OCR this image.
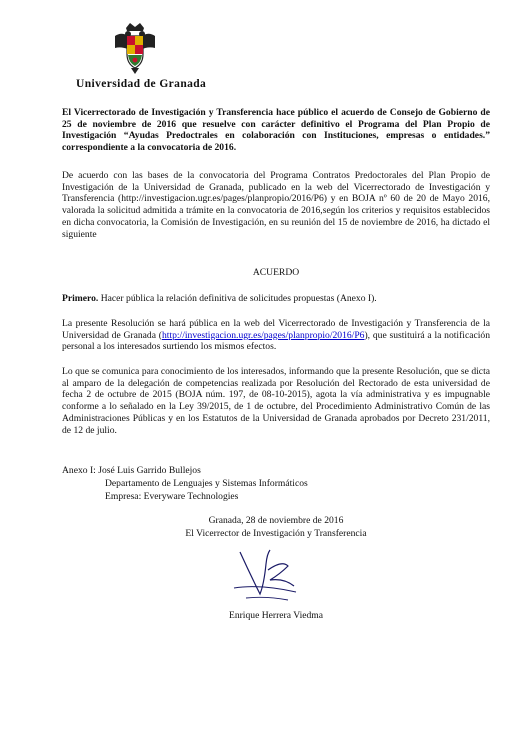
Universidad de Granada

El Vicerrectorado de Investigación y Transferencia hace público el acuerdo de Consejo de Gobierno de 25 de noviembre de 2016 que resuelve con carácter definitivo el Programa del Plan Propio de Investigación “Ayudas Predoctrales en colaboración con Instituciones, empresas o entidades.” correspondiente a la convocatoria de 2016.

De acuerdo con las bases de la convocatoria del Programa Contratos Predoctorales del Plan Propio de Investigación de la Universidad de Granada, publicado en la web del Vicerrectorado de Investigación y Transferencia (http://investigacion.ugr.es/pages/planpropio/2016/P6) y en BOJA nº 60 de 20 de Mayo 2016, valorada la solicitud admitida a trámite en la convocatoria de 2016,según los criterios y requisitos establecidos en dicha convocatoria, la Comisión de Investigación, en su reunión del 15 de noviembre de 2016, ha dictado el siguiente

ACUERDO

Primero. Hacer pública la relación definitiva de solicitudes propuestas (Anexo I).

La presente Resolución se hará pública en la web del Vicerrectorado de Investigación y Transferencia de la Universidad de Granada (http://investigacion.ugr.es/pages/planpropio/2016/P6), que sustituirá a la notificación personal a los interesados surtiendo los mismos efectos.

Lo que se comunica para conocimiento de los interesados, informando que la presente Resolución, que se dicta al amparo de la delegación de competencias realizada por Resolución del Rectorado de esta universidad de fecha 2 de octubre de 2015 (BOJA núm. 197, de 08-10-2015), agota la vía administrativa y es impugnable conforme a lo señalado en la Ley 39/2015, de 1 de octubre, del Procedimiento Administrativo Común de las Administraciones Públicas y en los Estatutos de la Universidad de Granada aprobados por Decreto 231/2011, de 12 de julio.

Anexo I: José Luis Garrido Bullejos
Departamento de Lenguajes y Sistemas Informáticos
Empresa: Everyware Technologies
Granada, 28 de noviembre de 2016
El Vicerrector de Investigación y Transferencia
Enrique Herrera Viedma
